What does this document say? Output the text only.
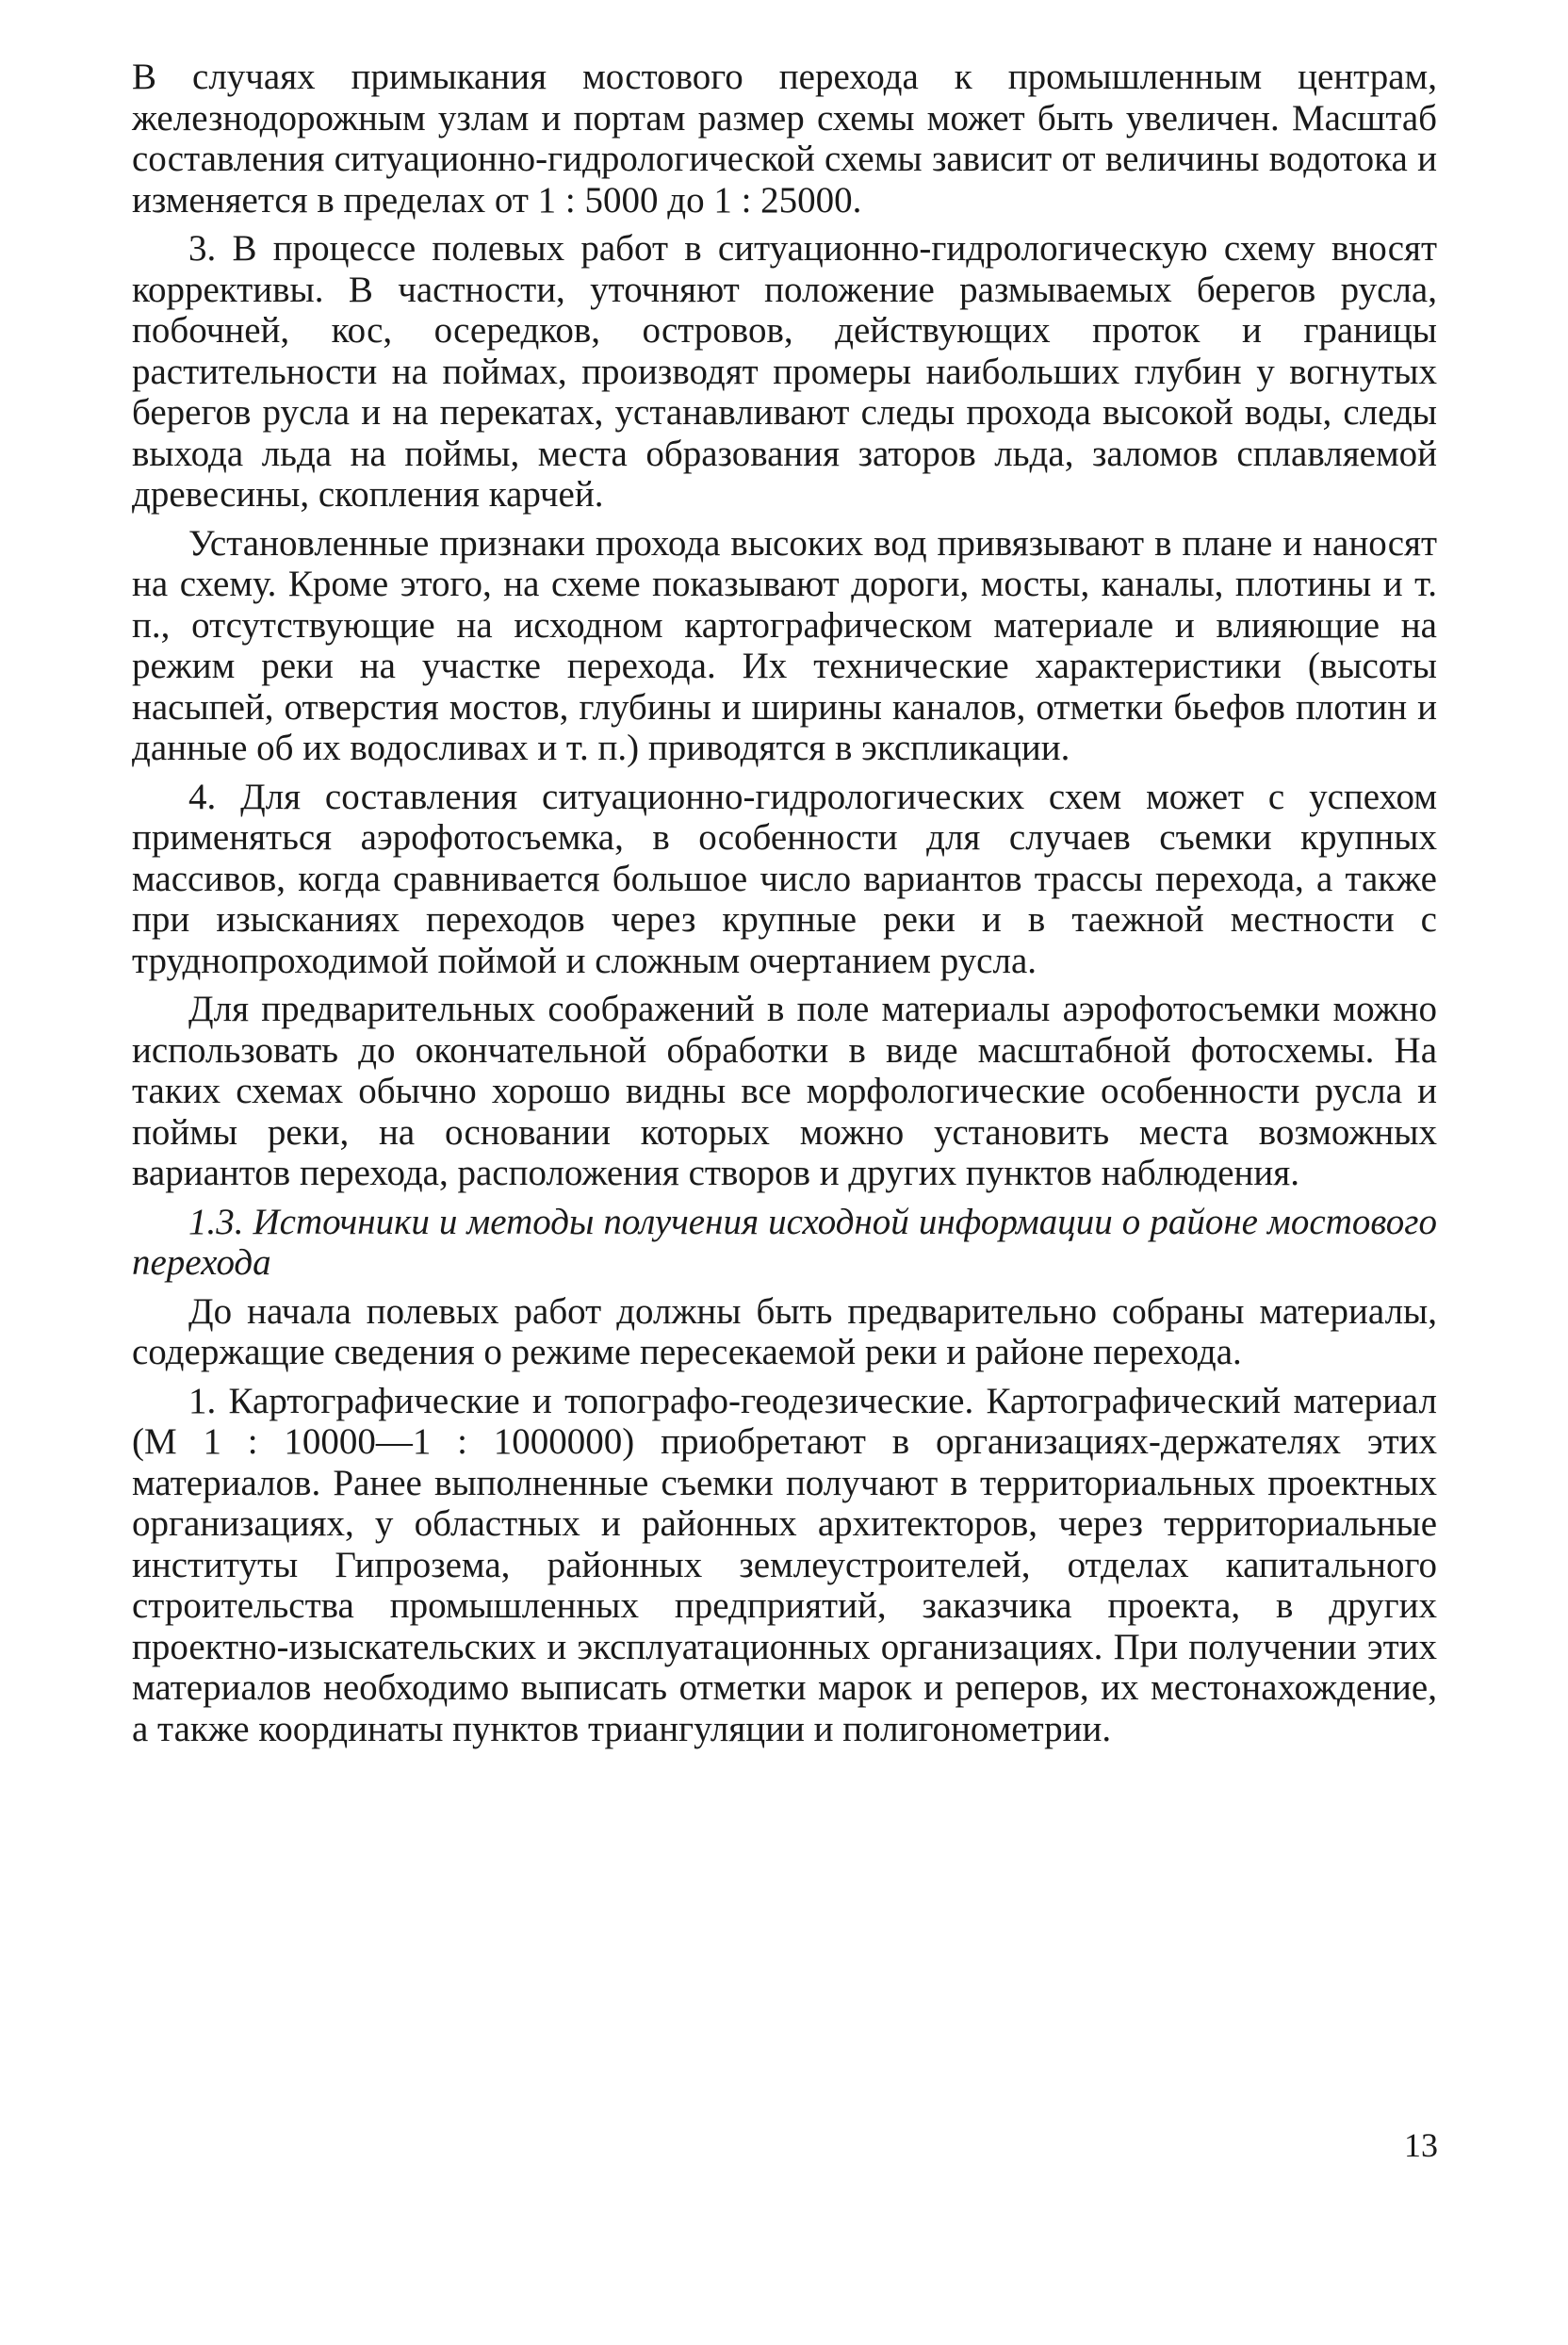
В случаях примыкания мостового перехода к промышленным центрам, железнодорожным узлам и портам размер схемы может быть увеличен. Масштаб составления ситуационно-гидрологической схемы зависит от величины водотока и изменяется в пределах от 1 : 5000 до 1 : 25000.

3. В процессе полевых работ в ситуационно-гидрологическую схему вносят коррективы. В частности, уточняют положение размываемых берегов русла, побочней, кос, осередков, островов, действующих проток и границы растительности на поймах, производят промеры наибольших глубин у вогнутых берегов русла и на перекатах, устанавливают следы прохода высокой воды, следы выхода льда на поймы, места образования заторов льда, заломов сплавляемой древесины, скопления карчей.

Установленные признаки прохода высоких вод привязывают в плане и наносят на схему. Кроме этого, на схеме показывают дороги, мосты, каналы, плотины и т. п., отсутствующие на исходном картографическом материале и влияющие на режим реки на участке перехода. Их технические характеристики (высоты насыпей, отверстия мостов, глубины и ширины каналов, отметки бьефов плотин и данные об их водосливах и т. п.) приводятся в экспликации.

4. Для составления ситуационно-гидрологических схем может с успехом применяться аэрофотосъемка, в особенности для случаев съемки крупных массивов, когда сравнивается большое число вариантов трассы перехода, а также при изысканиях переходов через крупные реки и в таежной местности с труднопроходимой поймой и сложным очертанием русла.

Для предварительных соображений в поле материалы аэрофотосъемки можно использовать до окончательной обработки в виде масштабной фотосхемы. На таких схемах обычно хорошо видны все морфологические особенности русла и поймы реки, на основании которых можно установить места возможных вариантов перехода, расположения створов и других пунктов наблюдения.

1.3. Источники и методы получения исходной информации о районе мостового перехода

До начала полевых работ должны быть предварительно собраны материалы, содержащие сведения о режиме пересекаемой реки и районе перехода.

1. Картографические и топографо-геодезические. Картографический материал (М 1 : 10000—1 : 1000000) приобретают в организациях-держателях этих материалов. Ранее выполненные съемки получают в территориальных проектных организациях, у областных и районных архитекторов, через территориальные институты Гипрозема, районных землеустроителей, отделах капитального строительства промышленных предприятий, заказчика проекта, в других проектно-изыскательских и эксплуатационных организациях. При получении этих материалов необходимо выписать отметки марок и реперов, их местонахождение, а также координаты пунктов триангуляции и полигонометрии.

13
